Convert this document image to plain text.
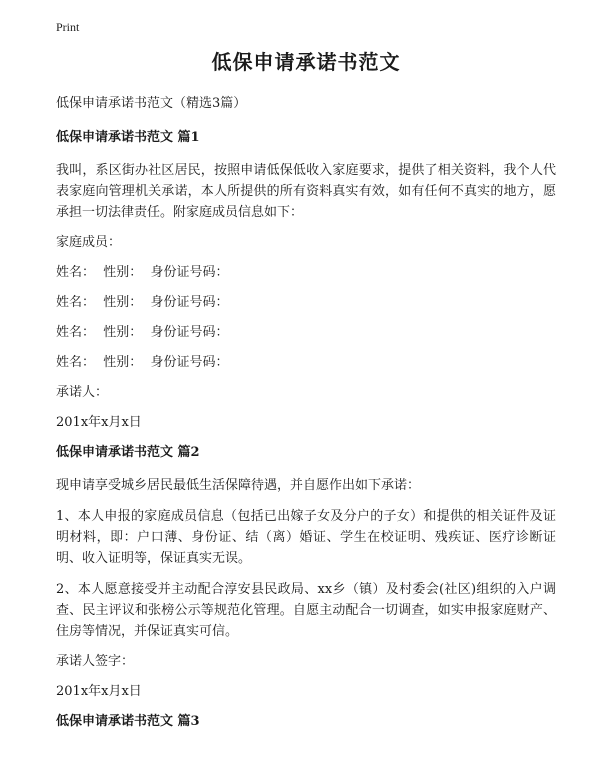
Print
低保申请承诺书范文
低保申请承诺书范文（精选3篇）
低保申请承诺书范文 篇1
我叫，系区街办社区居民，按照申请低保低收入家庭要求，提供了相关资料，我个人代表家庭向管理机关承诺，本人所提供的所有资料真实有效，如有任何不真实的地方，愿承担一切法律责任。附家庭成员信息如下：
家庭成员：
姓名：  性别：  身份证号码：
姓名：  性别：  身份证号码：
姓名：  性别：  身份证号码：
姓名：  性别：  身份证号码：
承诺人：
201x年x月x日
低保申请承诺书范文 篇2
现申请享受城乡居民最低生活保障待遇，并自愿作出如下承诺：
1、本人申报的家庭成员信息（包括已出嫁子女及分户的子女）和提供的相关证件及证明材料，即：户口薄、身份证、结（离）婚证、学生在校证明、残疾证、医疗诊断证明、收入证明等，保证真实无误。
2、本人愿意接受并主动配合淳安县民政局、xx乡（镇）及村委会(社区)组织的入户调查、民主评议和张榜公示等规范化管理。自愿主动配合一切调查，如实申报家庭财产、住房等情况，并保证真实可信。
承诺人签字：
201x年x月x日
低保申请承诺书范文 篇3
